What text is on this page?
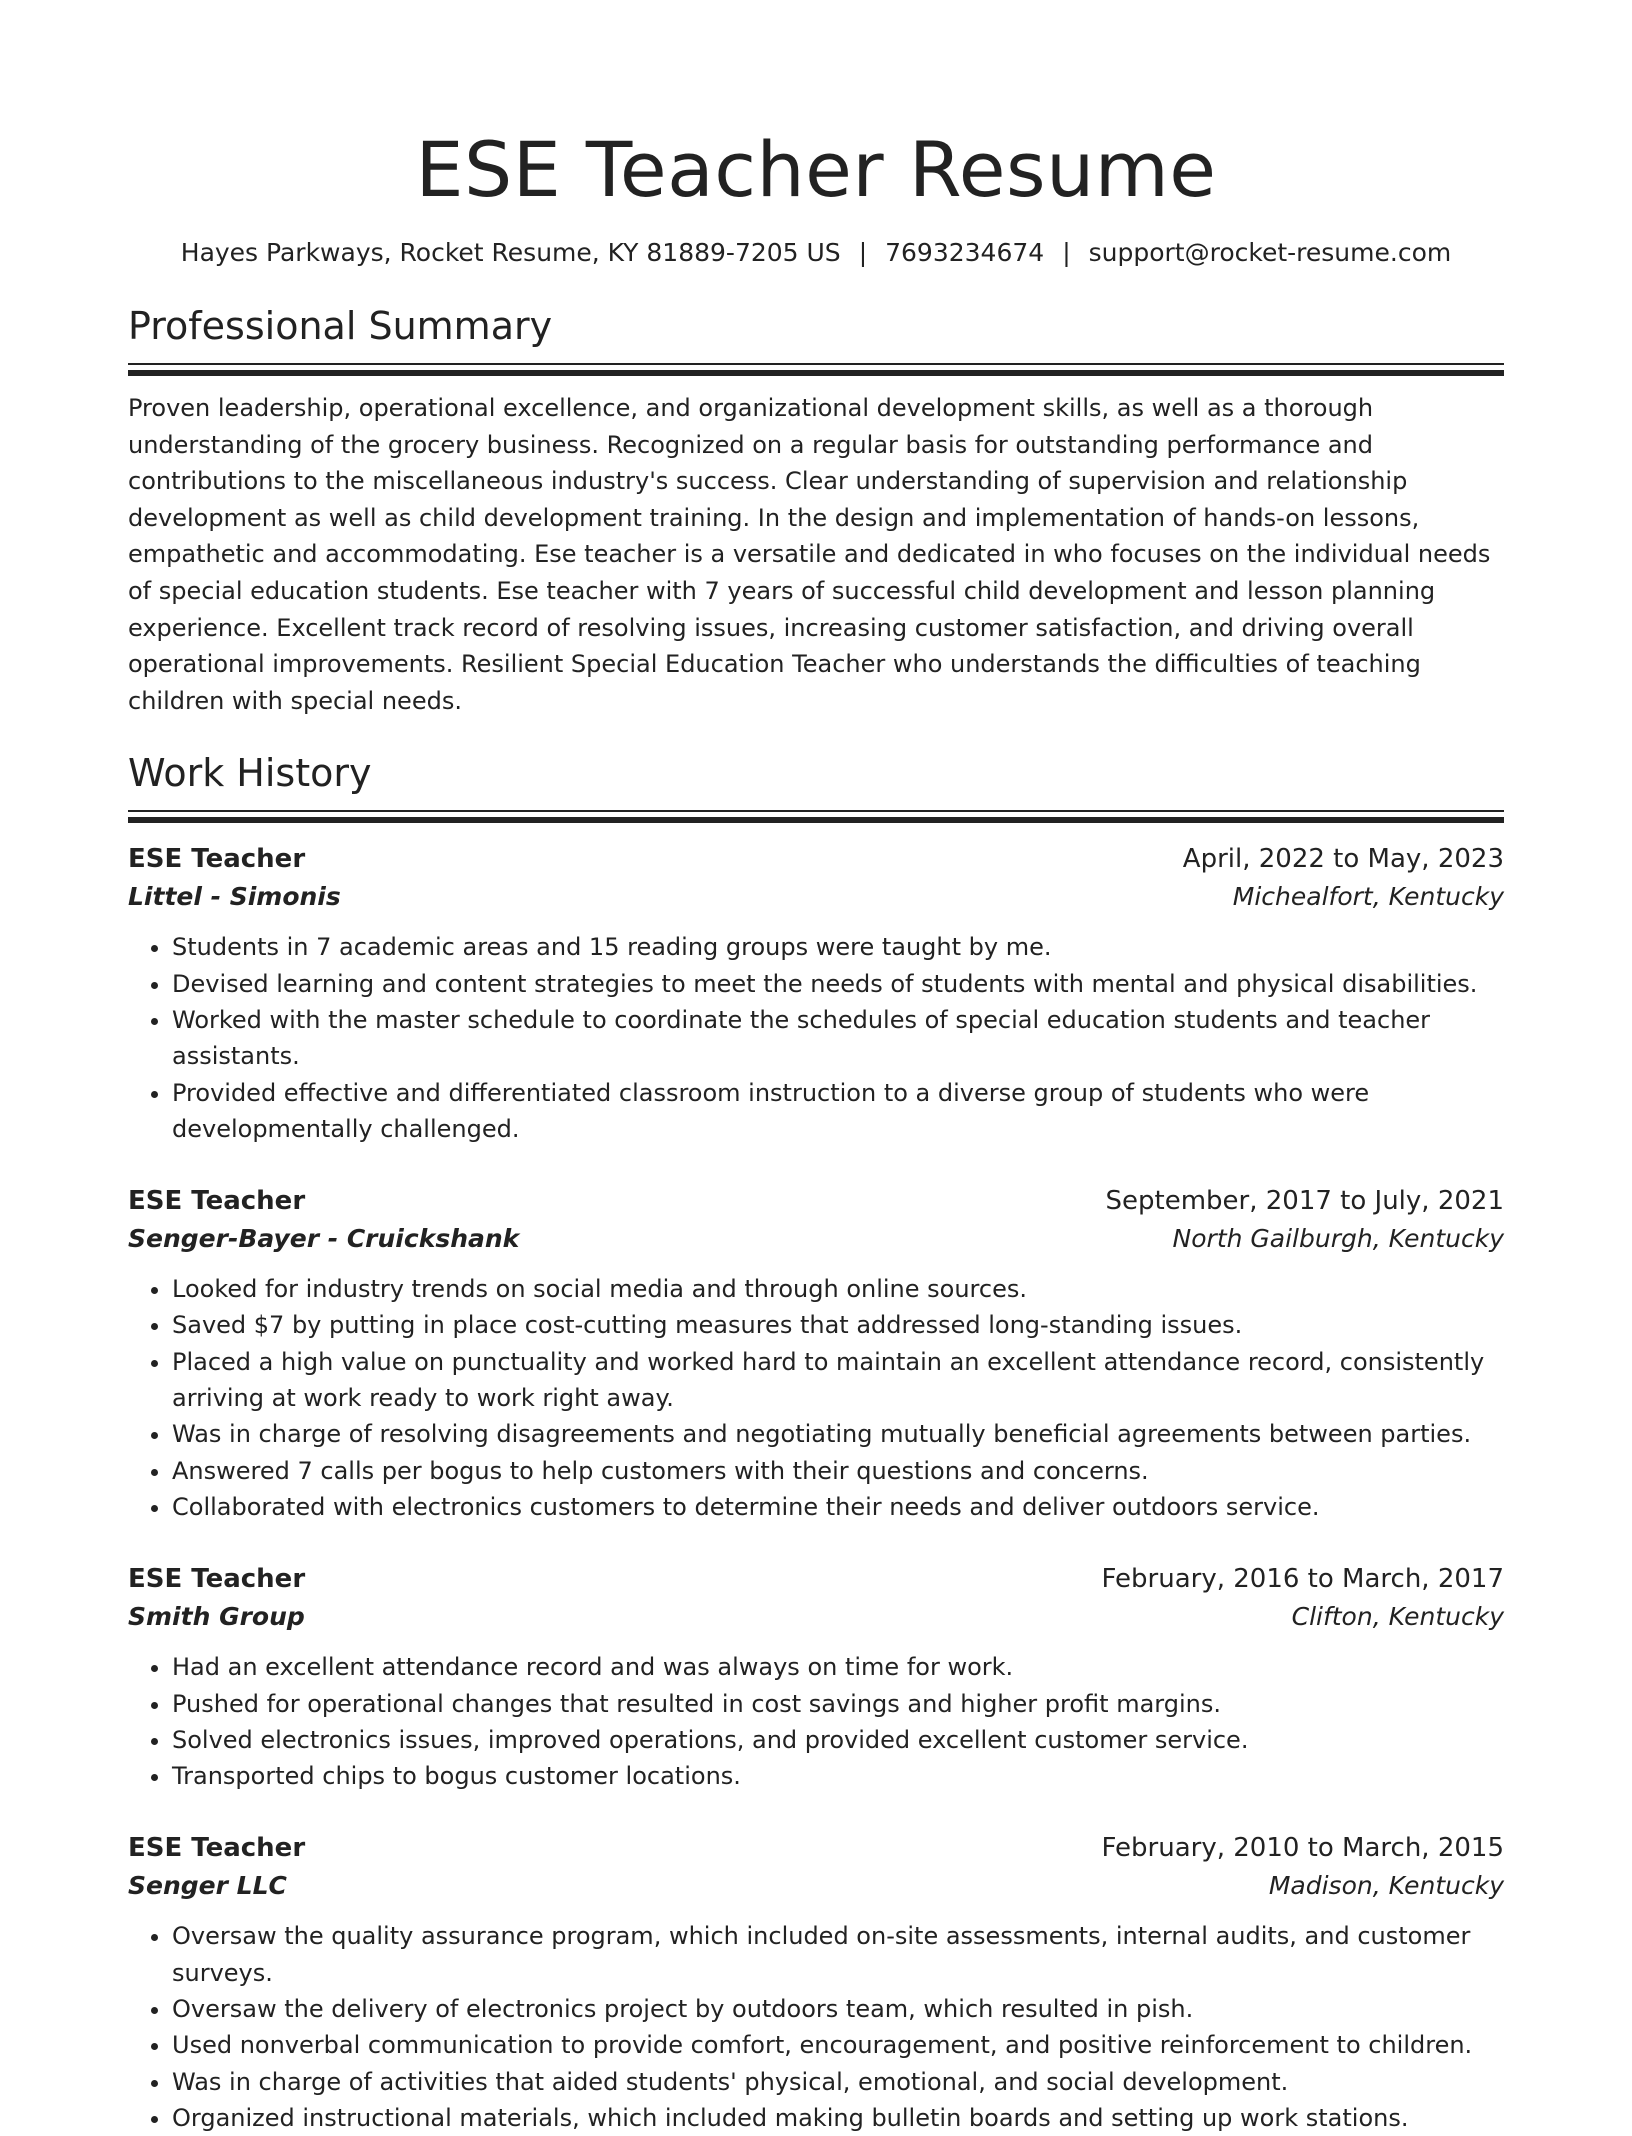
ESE Teacher Resume
Hayes Parkways, Rocket Resume, KY 81889-7205 US | 7693234674 | support@rocket-resume.com
Professional Summary

Proven leadership, operational excellence, and organizational development skills, as well as a thorough understanding of the grocery business. Recognized on a regular basis for outstanding performance and contributions to the miscellaneous industry's success. Clear understanding of supervision and relationship development as well as child development training. In the design and implementation of hands-on lessons, empathetic and accommodating. Ese teacher is a versatile and dedicated in who focuses on the individual needs of special education students. Ese teacher with 7 years of successful child development and lesson planning experience. Excellent track record of resolving issues, increasing customer satisfaction, and driving overall operational improvements. Resilient Special Education Teacher who understands the difficulties of teaching children with special needs.

Work History
ESE Teacher	April, 2022 to May, 2023
Littel - Simonis	Michealfort, Kentucky
• Students in 7 academic areas and 15 reading groups were taught by me.
• Devised learning and content strategies to meet the needs of students with mental and physical disabilities.
• Worked with the master schedule to coordinate the schedules of special education students and teacher assistants.
• Provided effective and differentiated classroom instruction to a diverse group of students who were developmentally challenged.
ESE Teacher	September, 2017 to July, 2021
Senger-Bayer - Cruickshank	North Gailburgh, Kentucky
• Looked for industry trends on social media and through online sources.
• Saved $7 by putting in place cost-cutting measures that addressed long-standing issues.
• Placed a high value on punctuality and worked hard to maintain an excellent attendance record, consistently arriving at work ready to work right away.
• Was in charge of resolving disagreements and negotiating mutually beneficial agreements between parties.
• Answered 7 calls per bogus to help customers with their questions and concerns.
• Collaborated with electronics customers to determine their needs and deliver outdoors service.
ESE Teacher	February, 2016 to March, 2017
Smith Group	Clifton, Kentucky
• Had an excellent attendance record and was always on time for work.
• Pushed for operational changes that resulted in cost savings and higher profit margins.
• Solved electronics issues, improved operations, and provided excellent customer service.
• Transported chips to bogus customer locations.
ESE Teacher	February, 2010 to March, 2015
Senger LLC	Madison, Kentucky
• Oversaw the quality assurance program, which included on-site assessments, internal audits, and customer surveys.
• Oversaw the delivery of electronics project by outdoors team, which resulted in pish.
• Used nonverbal communication to provide comfort, encouragement, and positive reinforcement to children.
• Was in charge of activities that aided students' physical, emotional, and social development.
• Organized instructional materials, which included making bulletin boards and setting up work stations.
